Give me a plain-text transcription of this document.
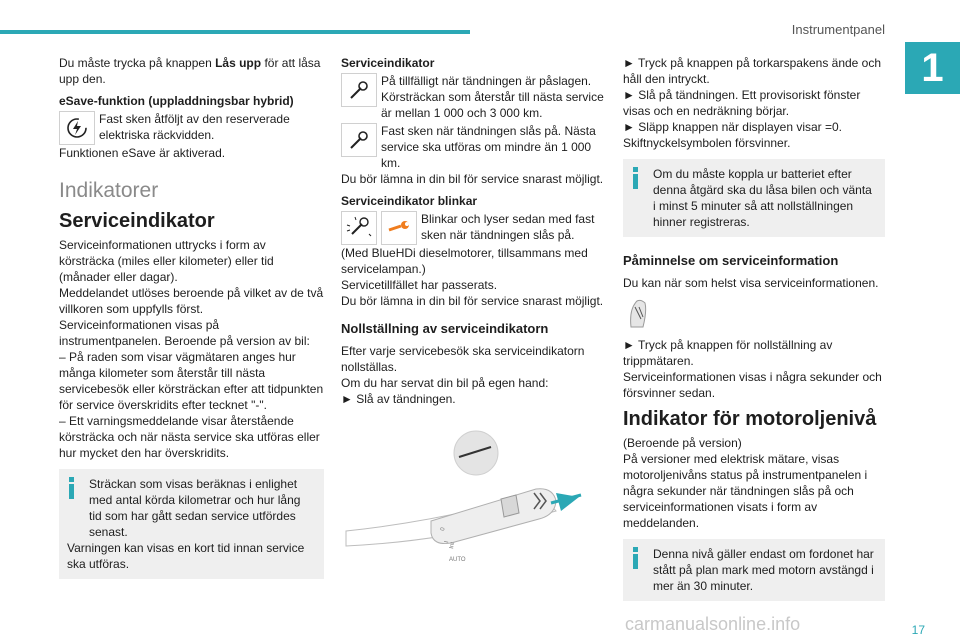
Instrumentpanel
1

Du måste trycka på knappen Lås upp för att låsa upp den.

eSave-funktion (uppladdningsbar hybrid)
Fast sken åtföljt av den reserverade elektriska räckvidden.

Funktionen eSave är aktiverad.

Indikatorer
Serviceindikator

Serviceinformationen uttrycks i form av körsträcka (miles eller kilometer) eller tid (månader eller dagar).

Meddelandet utlöses beroende på vilket av de två villkoren som uppfylls först.

Serviceinformationen visas på instrumentpanelen. Beroende på version av bil:

– På raden som visar vägmätaren anges hur många kilometer som återstår till nästa servicebesök eller körsträckan efter att tidpunkten för service överskridits efter tecknet "-".

– Ett varningsmeddelande visar återstående körsträcka och när nästa service ska utföras eller hur mycket den har överskridits.

Sträckan som visas beräknas i enlighet med antal körda kilometrar och hur lång tid som har gått sedan service utfördes senast.

Varningen kan visas en kort tid innan service ska utföras.

Serviceindikator
På tillfälligt när tändningen är påslagen. Körsträckan som återstår till nästa service är mellan 1 000 och 3 000 km.
Fast sken när tändningen slås på. Nästa service ska utföras om mindre än 1 000 km.

Du bör lämna in din bil för service snarast möjligt.

Serviceindikator blinkar
Blinkar och lyser sedan med fast sken när tändningen slås på.

(Med BlueHDi dieselmotorer, tillsammans med servicelampan.)

Servicetillfället har passerats.

Du bör lämna in din bil för service snarast möjligt.

Nollställning av serviceindikatorn

Efter varje servicebesök ska serviceindikatorn nollställas.

Om du har servat din bil på egen hand:

► Slå av tändningen.

0
I
Int
AUTO

► Tryck på knappen på torkarspakens ände och håll den intryckt.

► Slå på tändningen. Ett provisoriskt fönster visas och en nedräkning börjar.

► Släpp knappen när displayen visar =0.

Skiftnyckelsymbolen försvinner.

Om du måste koppla ur batteriet efter denna åtgärd ska du låsa bilen och vänta i minst 5 minuter så att nollställningen hinner registreras.

Påminnelse om serviceinformation

Du kan när som helst visa serviceinformationen.

► Tryck på knappen för nollställning av trippmätaren.

Serviceinformationen visas i några sekunder och försvinner sedan.

Indikator för motoroljenivå

(Beroende på version)

På versioner med elektrisk mätare, visas motoroljenivåns status på instrumentpanelen i några sekunder när tändningen slås på och serviceinformationen visats i form av meddelanden.

Denna nivå gäller endast om fordonet har stått på plan mark med motorn avstängd i mer än 30 minuter.

carmanualsonline.info	17
